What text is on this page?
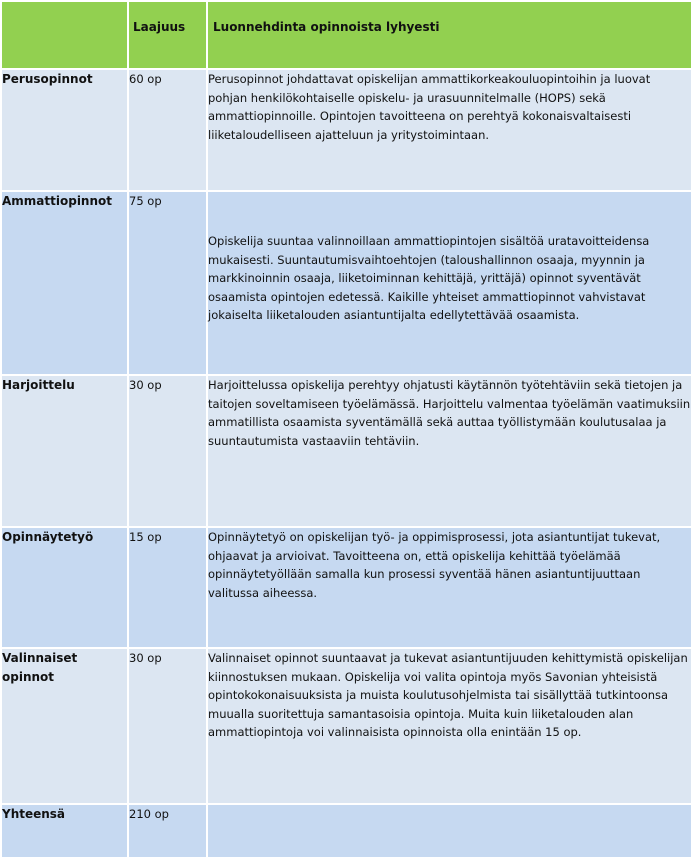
	Laajuus	Luonnehdinta opinnoista lyhyesti

Perusopinnot	60 op	Perusopinnot johdattavat opiskelijan ammattikorkeakouluopintoihin ja luovat pohjan henkilökohtaiselle opiskelu- ja urasuunnitelmalle (HOPS) sekä ammattiopinnoille. Opintojen tavoitteena on perehtyä kokonaisvaltaisesti liiketaloudelliseen ajatteluun ja yritystoimintaan.
Ammattiopinnot	75 op	Opiskelija suuntaa valinnoillaan ammattiopintojen sisältöä uratavoitteidensa mukaisesti. Suuntautumisvaihtoehtojen (taloushallinnon osaaja, myynnin ja markkinoinnin osaaja, liiketoiminnan kehittäjä, yrittäjä) opinnot syventävät osaamista opintojen edetessä. Kaikille yhteiset ammattiopinnot vahvistavat jokaiselta liiketalouden asiantuntijalta edellytettävää osaamista.
Harjoittelu	30 op	Harjoittelussa opiskelija perehtyy ohjatusti käytännön työtehtäviin sekä tietojen ja taitojen soveltamiseen työelämässä. Harjoittelu valmentaa työelämän vaatimuksiin ammatillista osaamista syventämällä sekä auttaa työllistymään koulutusalaa ja suuntautumista vastaaviin tehtäviin.
Opinnäytetyö	15 op	Opinnäytetyö on opiskelijan työ- ja oppimisprosessi, jota asiantuntijat tukevat, ohjaavat ja arvioivat. Tavoitteena on, että opiskelija kehittää työelämää opinnäytetyöllään samalla kun prosessi syventää hänen asiantuntijuuttaan valitussa aiheessa.
Valinnaiset opinnot	30 op	Valinnaiset opinnot suuntaavat ja tukevat asiantuntijuuden kehittymistä opiskelijan kiinnostuksen mukaan. Opiskelija voi valita opintoja myös Savonian yhteisistä opintokokonaisuuksista ja muista koulutusohjelmista tai sisällyttää tutkintoonsa muualla suoritettuja samantasoisia opintoja. Muita kuin liiketalouden alan ammattiopintoja voi valinnaisista opinnoista olla enintään 15 op.
Yhteensä	210 op	
